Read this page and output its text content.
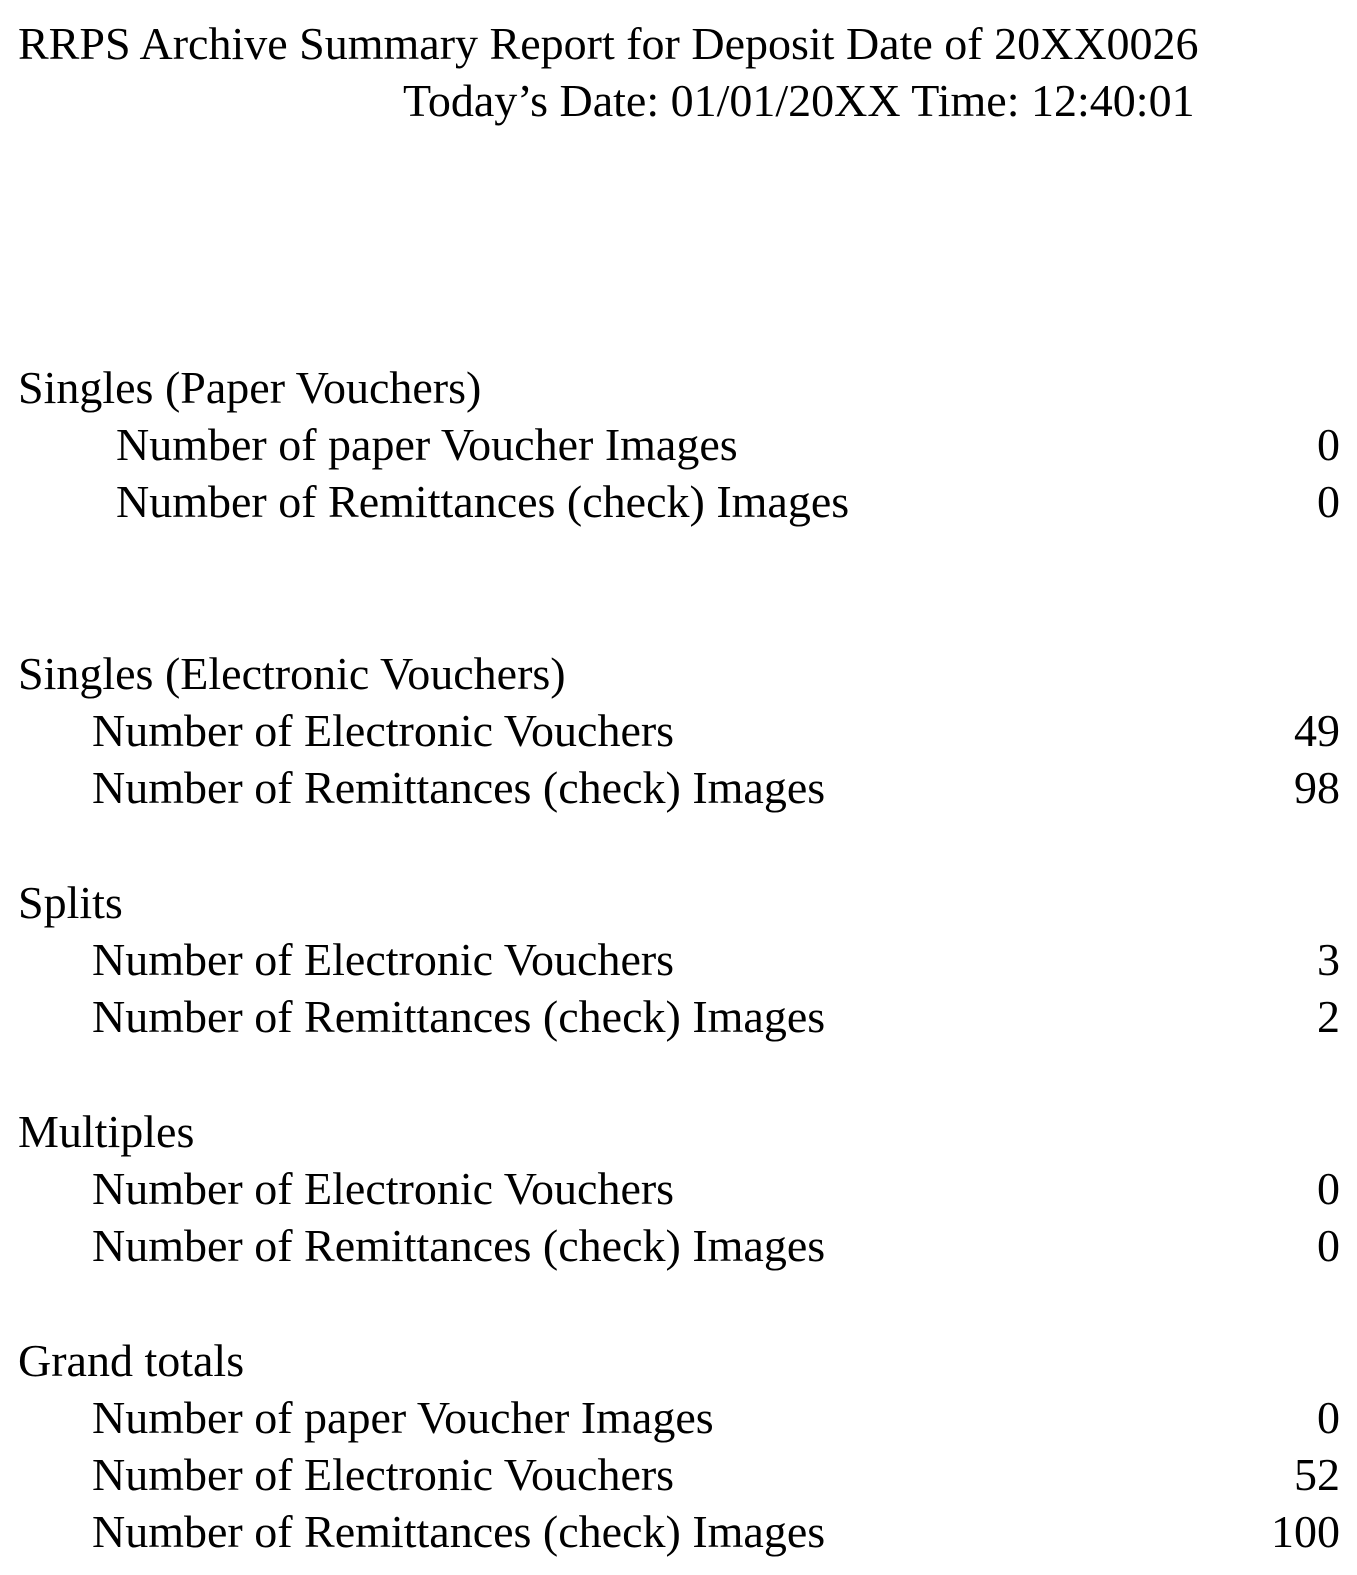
RRPS Archive Summary Report for Deposit Date of 20XX0026
Today’s Date: 01/01/20XX Time: 12:40:01
Singles (Paper Vouchers)
Number of paper Voucher Images	0
Number of Remittances (check) Images	0
Singles (Electronic Vouchers)
Number of Electronic Vouchers	49
Number of Remittances (check) Images	98
Splits
Number of Electronic Vouchers	3
Number of Remittances (check) Images	2
Multiples
Number of Electronic Vouchers	0
Number of Remittances (check) Images	0
Grand totals
Number of paper Voucher Images	0
Number of Electronic Vouchers	52
Number of Remittances (check) Images	100
